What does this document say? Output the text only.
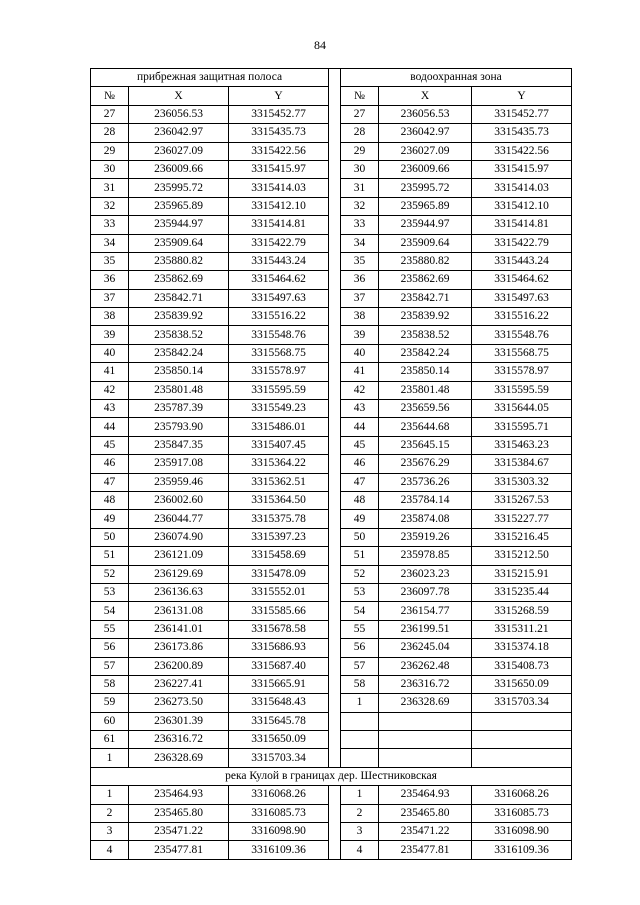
84
прибрежная защитная полоса				водоохранная зона		
№	X	Y		№	X	Y
27	236056.53	3315452.77		27	236056.53	3315452.77
28	236042.97	3315435.73		28	236042.97	3315435.73
29	236027.09	3315422.56		29	236027.09	3315422.56
30	236009.66	3315415.97		30	236009.66	3315415.97
31	235995.72	3315414.03		31	235995.72	3315414.03
32	235965.89	3315412.10		32	235965.89	3315412.10
33	235944.97	3315414.81		33	235944.97	3315414.81
34	235909.64	3315422.79		34	235909.64	3315422.79
35	235880.82	3315443.24		35	235880.82	3315443.24
36	235862.69	3315464.62		36	235862.69	3315464.62
37	235842.71	3315497.63		37	235842.71	3315497.63
38	235839.92	3315516.22		38	235839.92	3315516.22
39	235838.52	3315548.76		39	235838.52	3315548.76
40	235842.24	3315568.75		40	235842.24	3315568.75
41	235850.14	3315578.97		41	235850.14	3315578.97
42	235801.48	3315595.59		42	235801.48	3315595.59
43	235787.39	3315549.23		43	235659.56	3315644.05
44	235793.90	3315486.01		44	235644.68	3315595.71
45	235847.35	3315407.45		45	235645.15	3315463.23
46	235917.08	3315364.22		46	235676.29	3315384.67
47	235959.46	3315362.51		47	235736.26	3315303.32
48	236002.60	3315364.50		48	235784.14	3315267.53
49	236044.77	3315375.78		49	235874.08	3315227.77
50	236074.90	3315397.23		50	235919.26	3315216.45
51	236121.09	3315458.69		51	235978.85	3315212.50
52	236129.69	3315478.09		52	236023.23	3315215.91
53	236136.63	3315552.01		53	236097.78	3315235.44
54	236131.08	3315585.66		54	236154.77	3315268.59
55	236141.01	3315678.58		55	236199.51	3315311.21
56	236173.86	3315686.93		56	236245.04	3315374.18
57	236200.89	3315687.40		57	236262.48	3315408.73
58	236227.41	3315665.91		58	236316.72	3315650.09
59	236273.50	3315648.43		1	236328.69	3315703.34
60	236301.39	3315645.78				
61	236316.72	3315650.09				
1	236328.69	3315703.34				
река Кулой в границах дер. Шестниковская						
1	235464.93	3316068.26		1	235464.93	3316068.26
2	235465.80	3316085.73		2	235465.80	3316085.73
3	235471.22	3316098.90		3	235471.22	3316098.90
4	235477.81	3316109.36		4	235477.81	3316109.36
